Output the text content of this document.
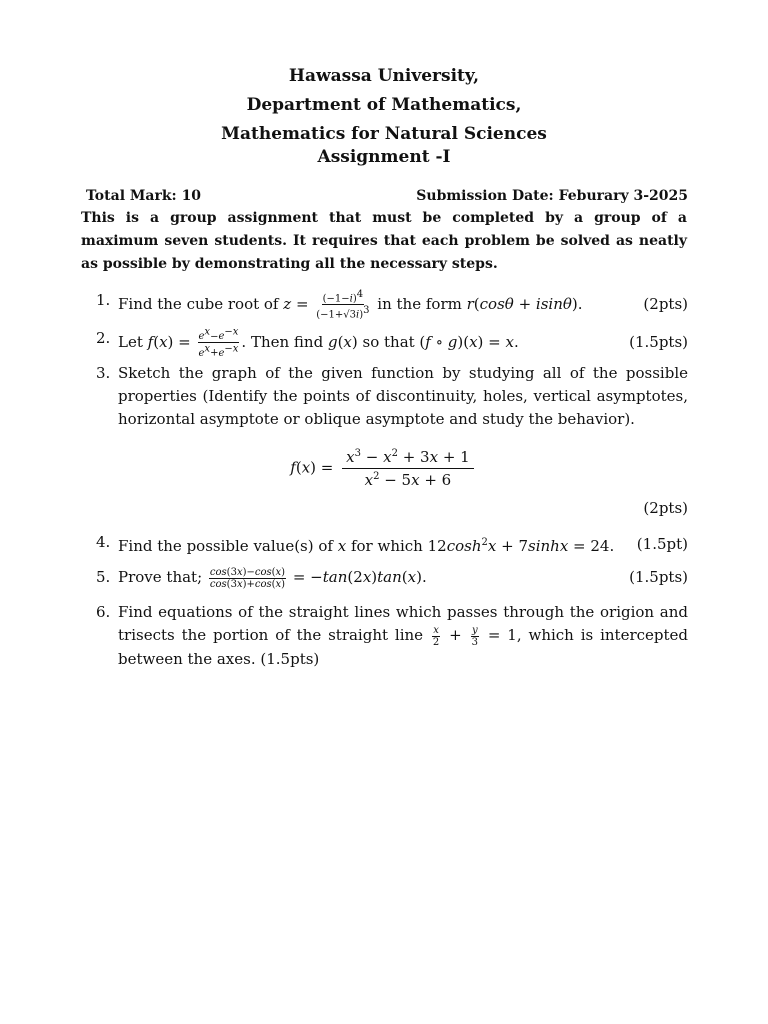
Hawassa University,
Department of Mathematics,
Mathematics for Natural Sciences
Assignment -I
Total Mark: 10	Submission Date: Feburary 3-2025
This is a group assignment that must be completed by a group of a maximum seven students. It requires that each problem be solved as neatly as possible by demonstrating all the necessary steps.
1. Find the cube root of $z = \frac{(-1-i)^4}{(-1+√3i)^3}$ in the form r(cosθ + isinθ).	(2pts)
2. Let $f(x) = \frac{e^x-e^{-x}}{e^x+e^{-x}}$ . Then find g(x) so that (f ∘ g)(x) = x.	(1.5pts)
3. Sketch the graph of the given function by studying all of the possible properties (Identify the points of discontinuity, holes, vertical asymptotes, horizontal asymptote or oblique asymptote and study the behavior).
$f(x) = \frac{x^3 - x^2 + 3x + 1}{x^2 - 5x + 6}$
(2pts)
4. Find the possible value(s) of x for which $12\cosh^2x + 7\sinh x = 24$. (1.5pt)
5. Prove that; $\frac{\cos(3x)-\cos(x)}{\cos(3x)+\cos(x)} = -\tan(2x)\tan(x)$.	(1.5pts)
6. Find equations of the straight lines which passes through the origion and trisects the portion of the straight line $\frac{x}{2} + \frac{y}{3} = 1$, which is intercepted between the axes. (1.5pts)
